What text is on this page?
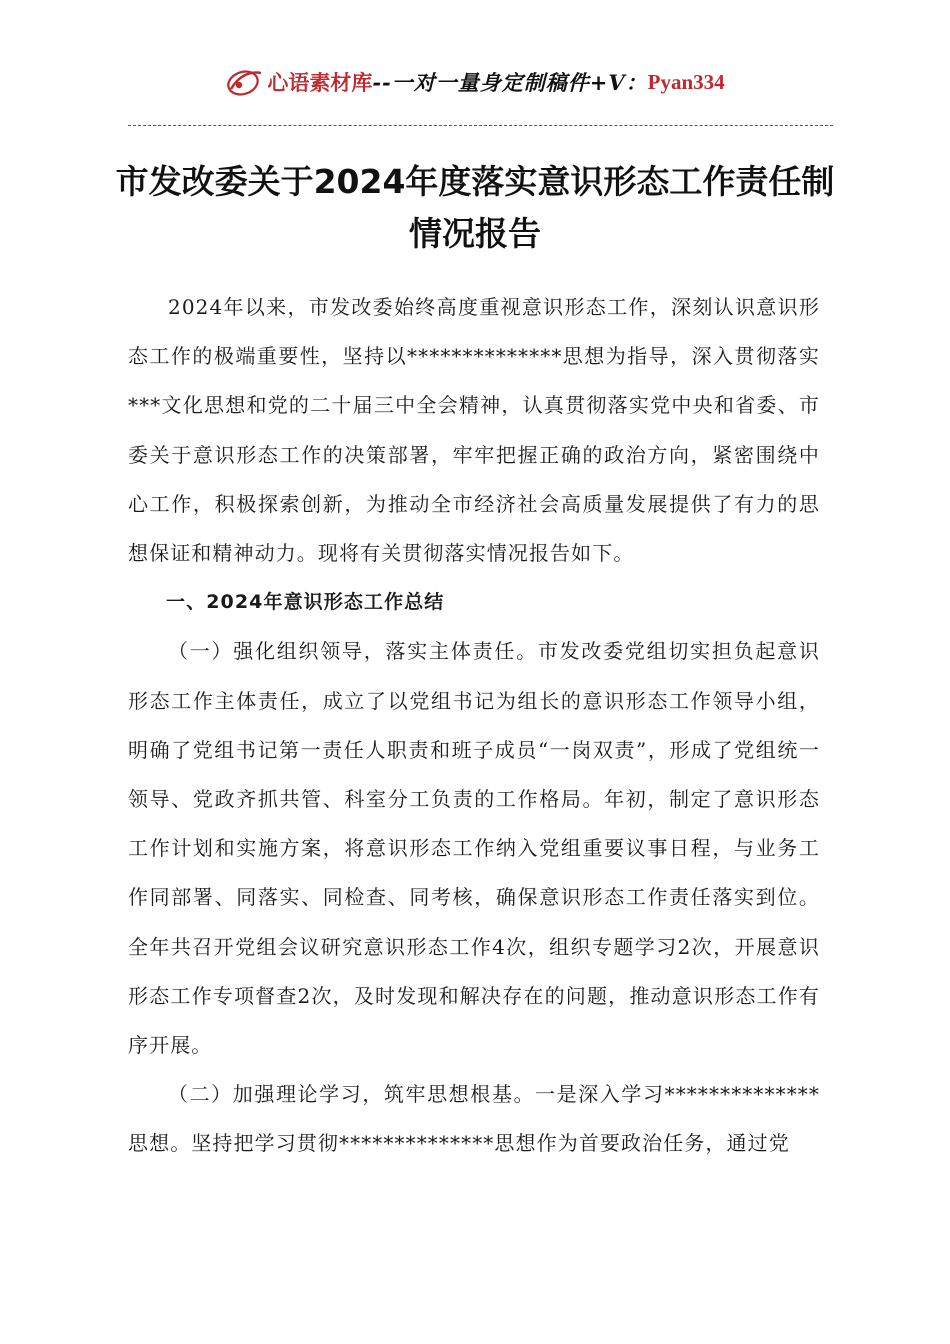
心语素材库 --一对一量身定制稿件+V： Pyan334
市发改委关于2024年度落实意识形态工作责任制情况报告

2024年以来，市发改委始终高度重视意识形态工作，深刻认识意识形态工作的极端重要性，坚持以**************思想为指导，深入贯彻落实***文化思想和党的二十届三中全会精神，认真贯彻落实党中央和省委、市委关于意识形态工作的决策部署，牢牢把握正确的政治方向，紧密围绕中心工作，积极探索创新，为推动全市经济社会高质量发展提供了有力的思想保证和精神动力。现将有关贯彻落实情况报告如下。

一、2024年意识形态工作总结

（一）强化组织领导，落实主体责任。市发改委党组切实担负起意识形态工作主体责任，成立了以党组书记为组长的意识形态工作领导小组，明确了党组书记第一责任人职责和班子成员“一岗双责”，形成了党组统一领导、党政齐抓共管、科室分工负责的工作格局。年初，制定了意识形态工作计划和实施方案，将意识形态工作纳入党组重要议事日程，与业务工作同部署、同落实、同检查、同考核，确保意识形态工作责任落实到位。全年共召开党组会议研究意识形态工作4次，组织专题学习2次，开展意识形态工作专项督查2次，及时发现和解决存在的问题，推动意识形态工作有序开展。

（二）加强理论学习，筑牢思想根基。一是深入学习**************思想。坚持把学习贯彻**************思想作为首要政治任务，通过党
